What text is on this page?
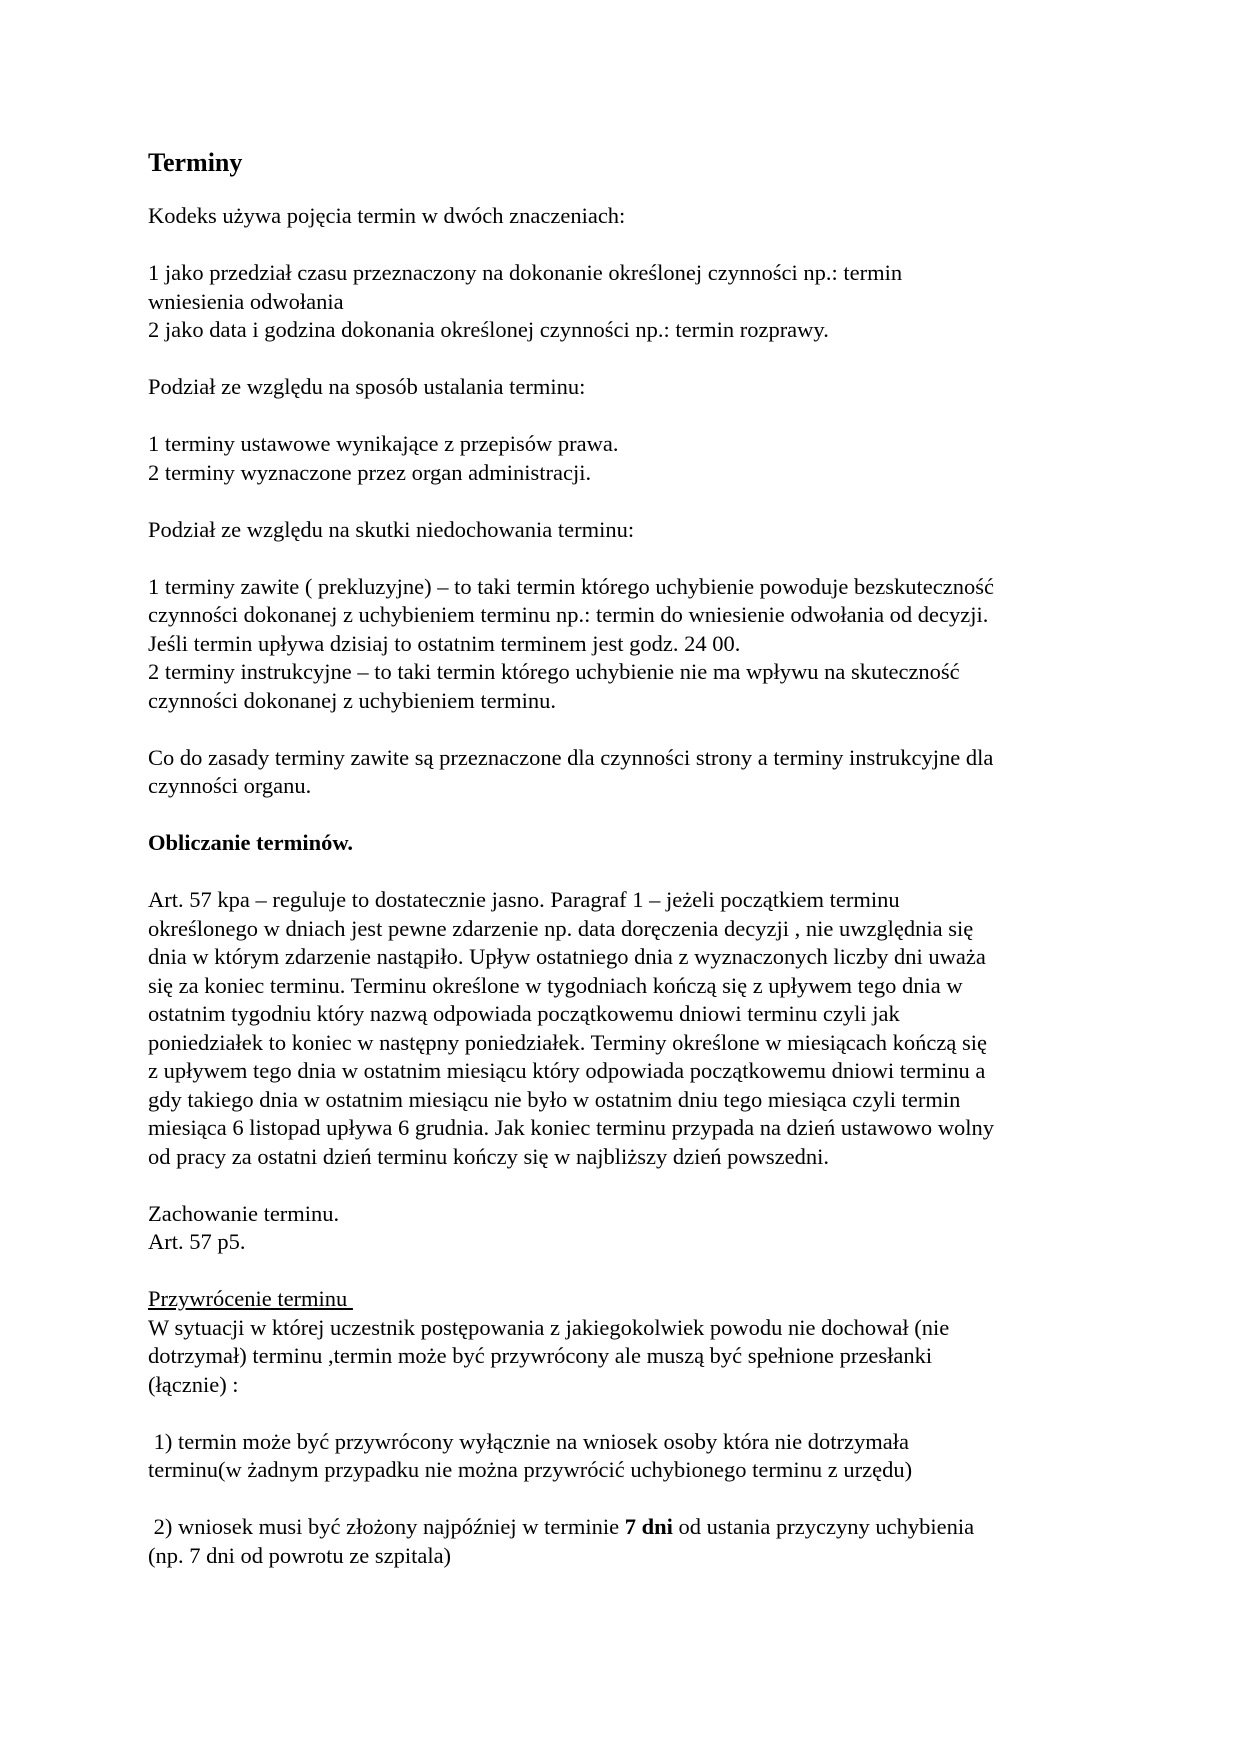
Terminy
Kodeks używa pojęcia termin w dwóch znaczeniach:
1 jako przedział czasu przeznaczony na dokonanie określonej czynności np.: termin
wniesienia odwołania
2 jako data i godzina dokonania określonej czynności np.: termin rozprawy.
Podział ze względu na sposób ustalania terminu:
1 terminy ustawowe wynikające z przepisów prawa.
2 terminy wyznaczone przez organ administracji.
Podział ze względu na skutki niedochowania terminu:
1 terminy zawite ( prekluzyjne) – to taki termin którego uchybienie powoduje bezskuteczność
czynności dokonanej z uchybieniem terminu np.: termin do wniesienie odwołania od decyzji.
Jeśli termin upływa dzisiaj to ostatnim terminem jest godz. 24 00.
2 terminy instrukcyjne – to taki termin którego uchybienie nie ma wpływu na skuteczność
czynności dokonanej z uchybieniem terminu.
Co do zasady terminy zawite są przeznaczone dla czynności strony a terminy instrukcyjne dla
czynności organu.
Obliczanie terminów.
Art. 57 kpa – reguluje to dostatecznie jasno. Paragraf 1 – jeżeli początkiem terminu
określonego w dniach jest pewne zdarzenie np. data doręczenia decyzji , nie uwzględnia się
dnia w którym zdarzenie nastąpiło. Upływ ostatniego dnia z wyznaczonych liczby dni uważa
się za koniec terminu. Terminu określone w tygodniach kończą się z upływem tego dnia w
ostatnim tygodniu który nazwą odpowiada początkowemu dniowi terminu czyli jak
poniedziałek to koniec w następny poniedziałek. Terminy określone w miesiącach kończą się
z upływem tego dnia w ostatnim miesiącu który odpowiada początkowemu dniowi terminu a
gdy takiego dnia w ostatnim miesiącu nie było w ostatnim dniu tego miesiąca czyli termin
miesiąca 6 listopad upływa 6 grudnia. Jak koniec terminu przypada na dzień ustawowo wolny
od pracy za ostatni dzień terminu kończy się w najbliższy dzień powszedni.
Zachowanie terminu.
Art. 57 p5.
Przywrócenie terminu
W sytuacji w której uczestnik postępowania z jakiegokolwiek powodu nie dochował (nie
dotrzymał) terminu ,termin może być przywrócony ale muszą być spełnione przesłanki
(łącznie) :
1) termin może być przywrócony wyłącznie na wniosek osoby która nie dotrzymała
terminu(w żadnym przypadku nie można przywrócić uchybionego terminu z urzędu)
2) wniosek musi być złożony najpóźniej w terminie 7 dni od ustania przyczyny uchybienia
(np. 7 dni od powrotu ze szpitala)
